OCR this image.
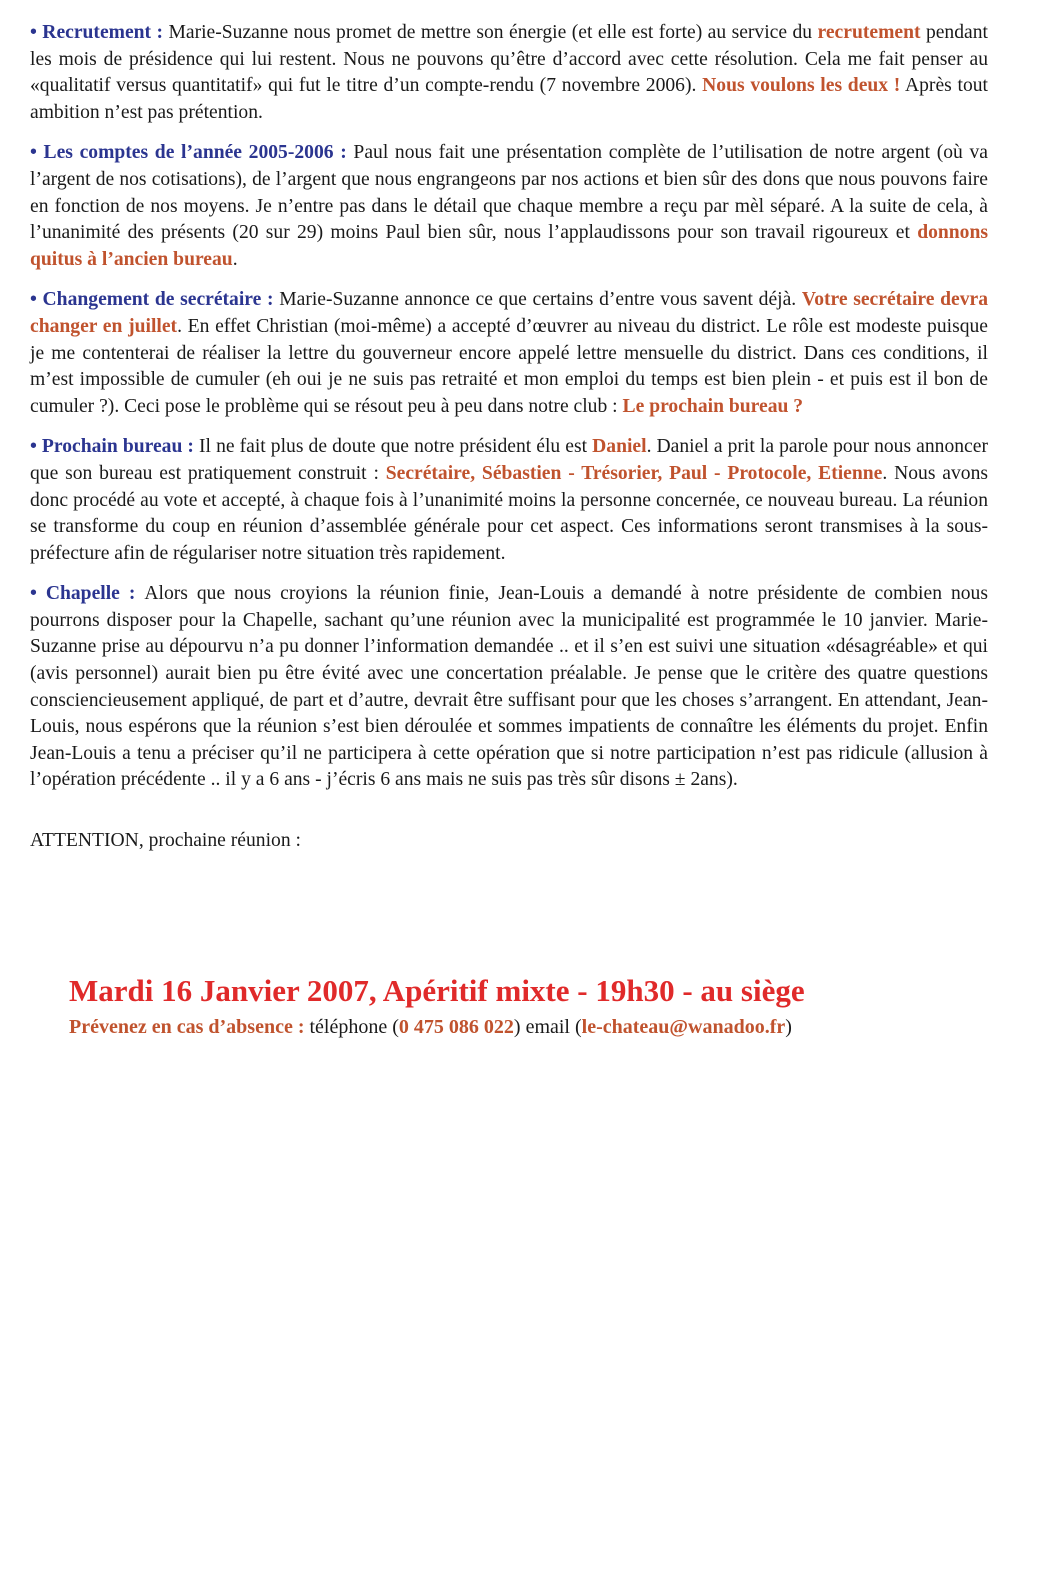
• Recrutement : Marie-Suzanne nous promet de mettre son énergie (et elle est forte) au service du recrutement pendant les mois de présidence qui lui restent. Nous ne pouvons qu’être d’accord avec cette résolution. Cela me fait penser au «qualitatif versus quantitatif» qui fut le titre d’un compte-rendu (7 novembre 2006). Nous voulons les deux ! Après tout ambition n’est pas prétention.

• Les comptes de l’année 2005-2006 : Paul nous fait une présentation complète de l’utilisation de notre argent (où va l’argent de nos cotisations), de l’argent que nous engrangeons par nos actions et bien sûr des dons que nous pouvons faire en fonction de nos moyens. Je n’entre pas dans le détail que chaque membre a reçu par mèl séparé. A la suite de cela, à l’unanimité des présents (20 sur 29) moins Paul bien sûr, nous l’applaudissons pour son travail rigoureux et donnons quitus à l’ancien bureau.

• Changement de secrétaire : Marie-Suzanne annonce ce que certains d’entre vous savent déjà. Votre secrétaire devra changer en juillet. En effet Christian (moi-même) a accepté d’œuvrer au niveau du district. Le rôle est modeste puisque je me contenterai de réaliser la lettre du gouverneur encore appelé lettre mensuelle du district. Dans ces conditions, il m’est impossible de cumuler (eh oui je ne suis pas retraité et mon emploi du temps est bien plein - et puis est il bon de cumuler ?). Ceci pose le problème qui se résout peu à peu dans notre club : Le prochain bureau ?

• Prochain bureau : Il ne fait plus de doute que notre président élu est Daniel. Daniel a prit la parole pour nous annoncer que son bureau est pratiquement construit : Secrétaire, Sébastien - Trésorier, Paul - Protocole, Etienne. Nous avons donc procédé au vote et accepté, à chaque fois à l’unanimité moins la personne concernée, ce nouveau bureau. La réunion se transforme du coup en réunion d’assemblée générale pour cet aspect. Ces informations seront transmises à la sous-préfecture afin de régulariser notre situation très rapidement.

• Chapelle : Alors que nous croyions la réunion finie, Jean-Louis a demandé à notre présidente de combien nous pourrons disposer pour la Chapelle, sachant qu’une réunion avec la municipalité est programmée le 10 janvier. Marie-Suzanne prise au dépourvu n’a pu donner l’information demandée .. et il s’en est suivi une situation «désagréable» et qui (avis personnel) aurait bien pu être évité avec une concertation préalable. Je pense que le critère des quatre questions consciencieusement appliqué, de part et d’autre, devrait être suffisant pour que les choses s’arrangent. En attendant, Jean-Louis, nous espérons que la réunion s’est bien déroulée et sommes impatients de connaître les éléments du projet. Enfin Jean-Louis a tenu a préciser qu’il ne participera à cette opération que si notre participation n’est pas ridicule (allusion à l’opération précédente .. il y a 6 ans - j’écris 6 ans mais ne suis pas très sûr disons ± 2ans).

ATTENTION, prochaine réunion :
Mardi 16 Janvier 2007, Apéritif mixte - 19h30 - au siège
Prévenez en cas d’absence : téléphone (0 475 086 022) email (le-chateau@wanadoo.fr)
